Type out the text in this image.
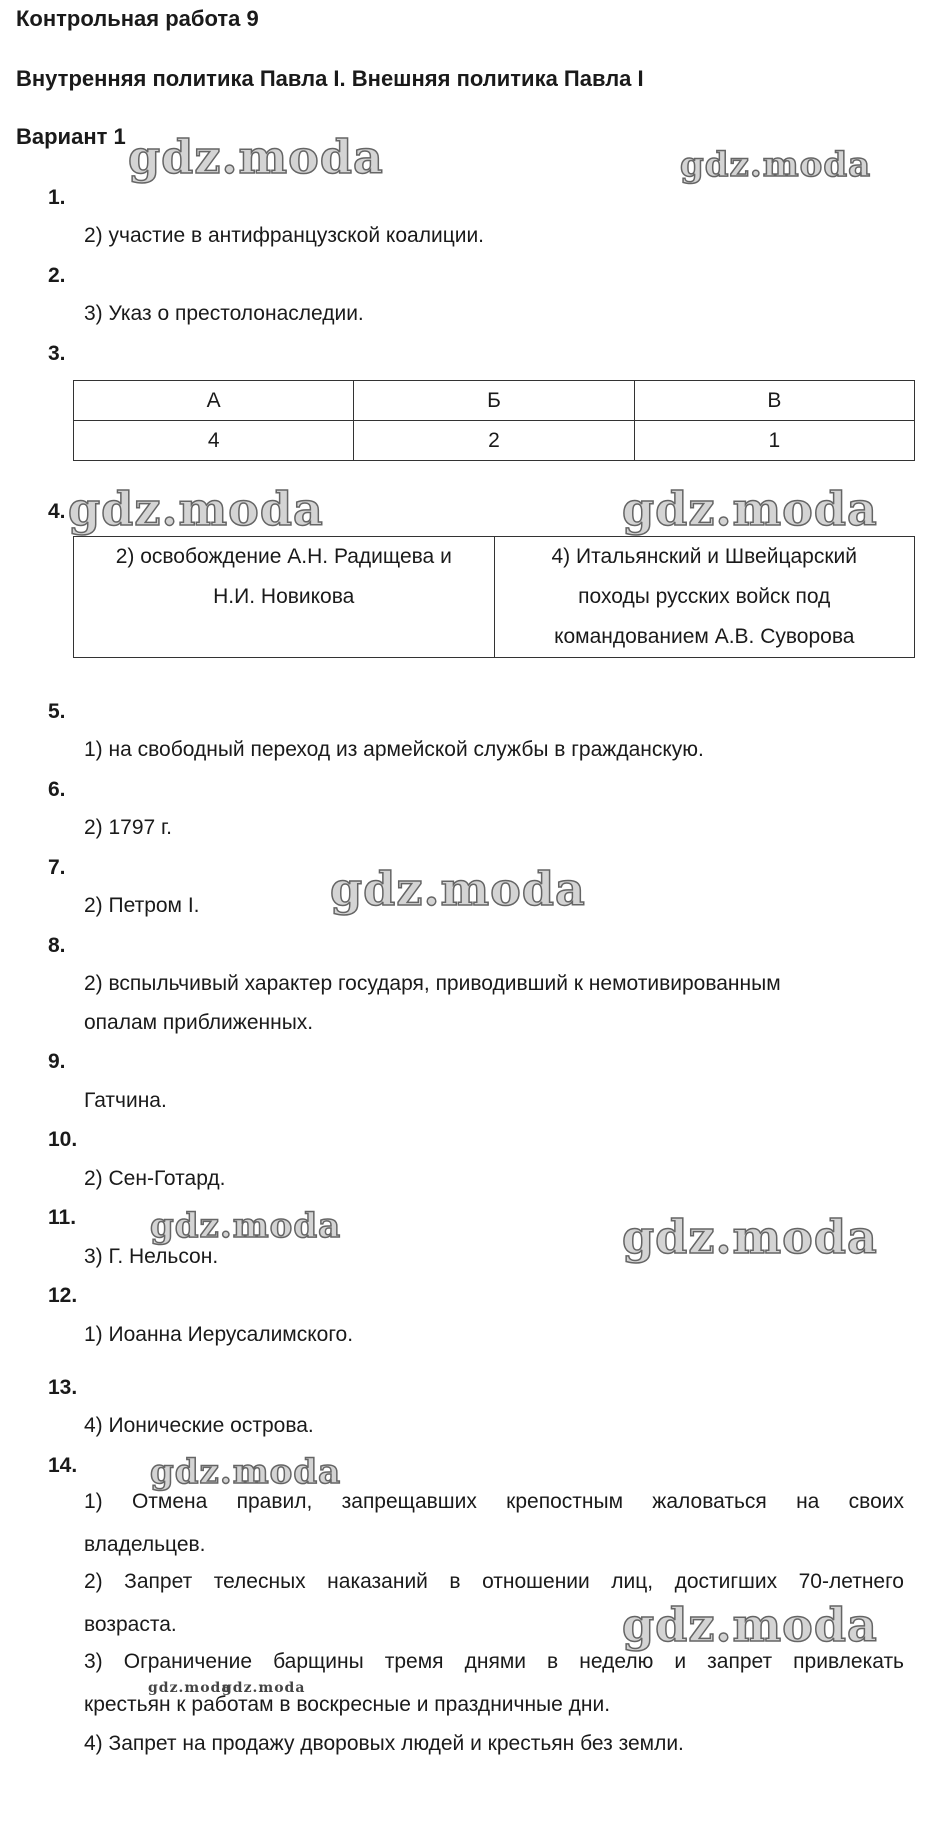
Контрольная работа 9
Внутренняя политика Павла I. Внешняя политика Павла I
Вариант 1
1.
2) участие в антифранцузской коалиции.
2.
3) Указ о престолонаследии.
3.
А	Б	В
4	2	1
4.
2) освобождение А.Н. Радищева и
Н.И. Новикова

4) Итальянский и Швейцарский
походы русских войск под
командованием А.В. Суворова
5.
1) на свободный переход из армейской службы в гражданскую.
6.
2) 1797 г.
7.
2) Петром I.
8.
2) вспыльчивый характер государя, приводивший к немотивированным
опалам приближенных.
9.
Гатчина.
10.
2) Сен-Готард.
11.
3) Г. Нельсон.
12.
1) Иоанна Иерусалимского.
13.
4) Ионические острова.
14.
1) Отмена правил, запрещавших крепостным жаловаться на своих
владельцев.
2) Запрет телесных наказаний в отношении лиц, достигших 70-летнего
возраста.
3) Ограничение барщины тремя днями в неделю и запрет привлекать
крестьян к работам в воскресные и праздничные дни.
4) Запрет на продажу дворовых людей и крестьян без земли.
gdz.moda	gdz.moda
gdz.moda	gdz.moda
gdz.moda
gdz.moda	gdz.moda
gdz.moda
gdz.moda
gdz.moda
gdz.moda
